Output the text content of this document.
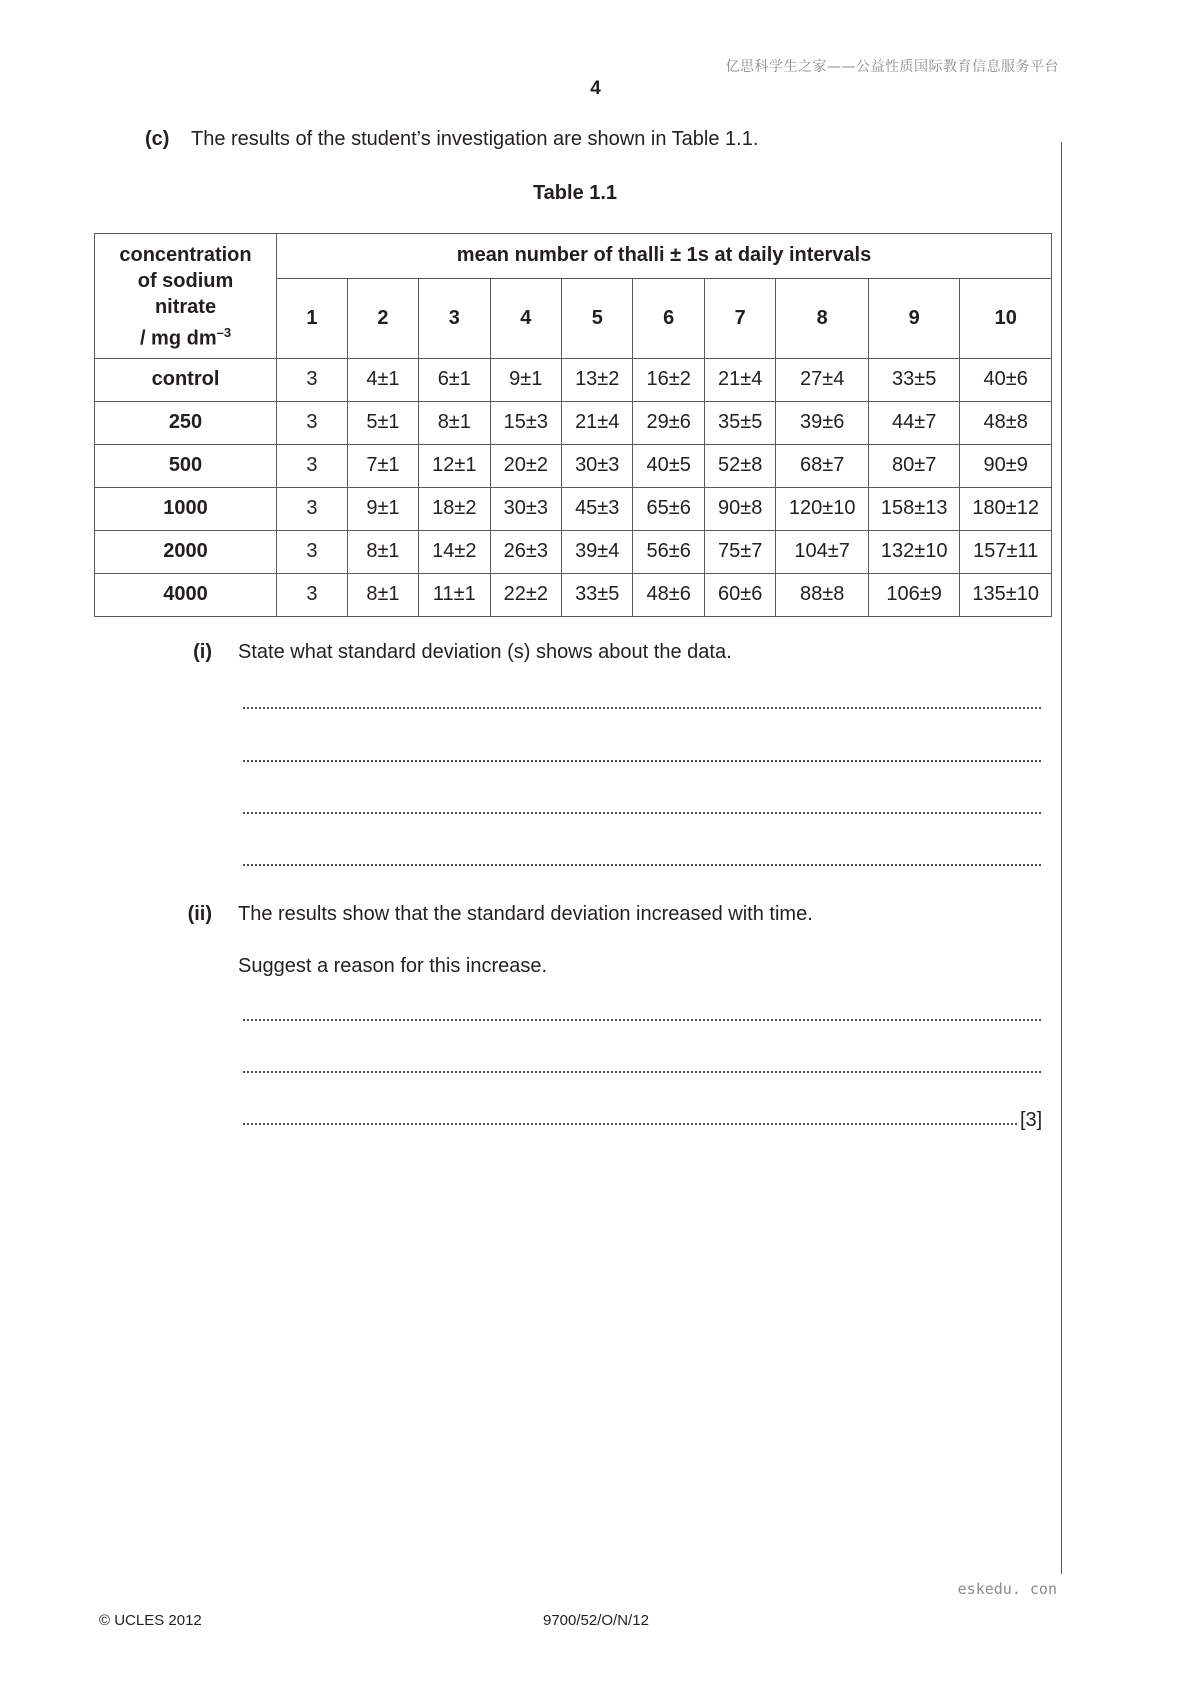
亿思科学生之家——公益性质国际教育信息服务平台
4
(c) The results of the student’s investigation are shown in Table 1.1.
Table 1.1
concentration
of sodium
nitrate
/ mg $dm^{-3}$	mean number of thalli ± 1s at daily intervals									
	1	2	3	4	5	6	7	8	9	10
control	3	4±1	6±1	9±1	13±2	16±2	21±4	27±4	33±5	40±6
250	3	5±1	8±1	15±3	21±4	29±6	35±5	39±6	44±7	48±8
500	3	7±1	12±1	20±2	30±3	40±5	52±8	68±7	80±7	90±9
1000	3	9±1	18±2	30±3	45±3	65±6	90±8	120±10	158±13	180±12
2000	3	8±1	14±2	26±3	39±4	56±6	75±7	104±7	132±10	157±11
4000	3	8±1	11±1	22±2	33±5	48±6	60±6	88±8	106±9	135±10
(i) State what standard deviation (s) shows about the data.
(ii) The results show that the standard deviation increased with time.
Suggest a reason for this increase.
[3]
eskedu. con
© UCLES 2012	9700/52/O/N/12
